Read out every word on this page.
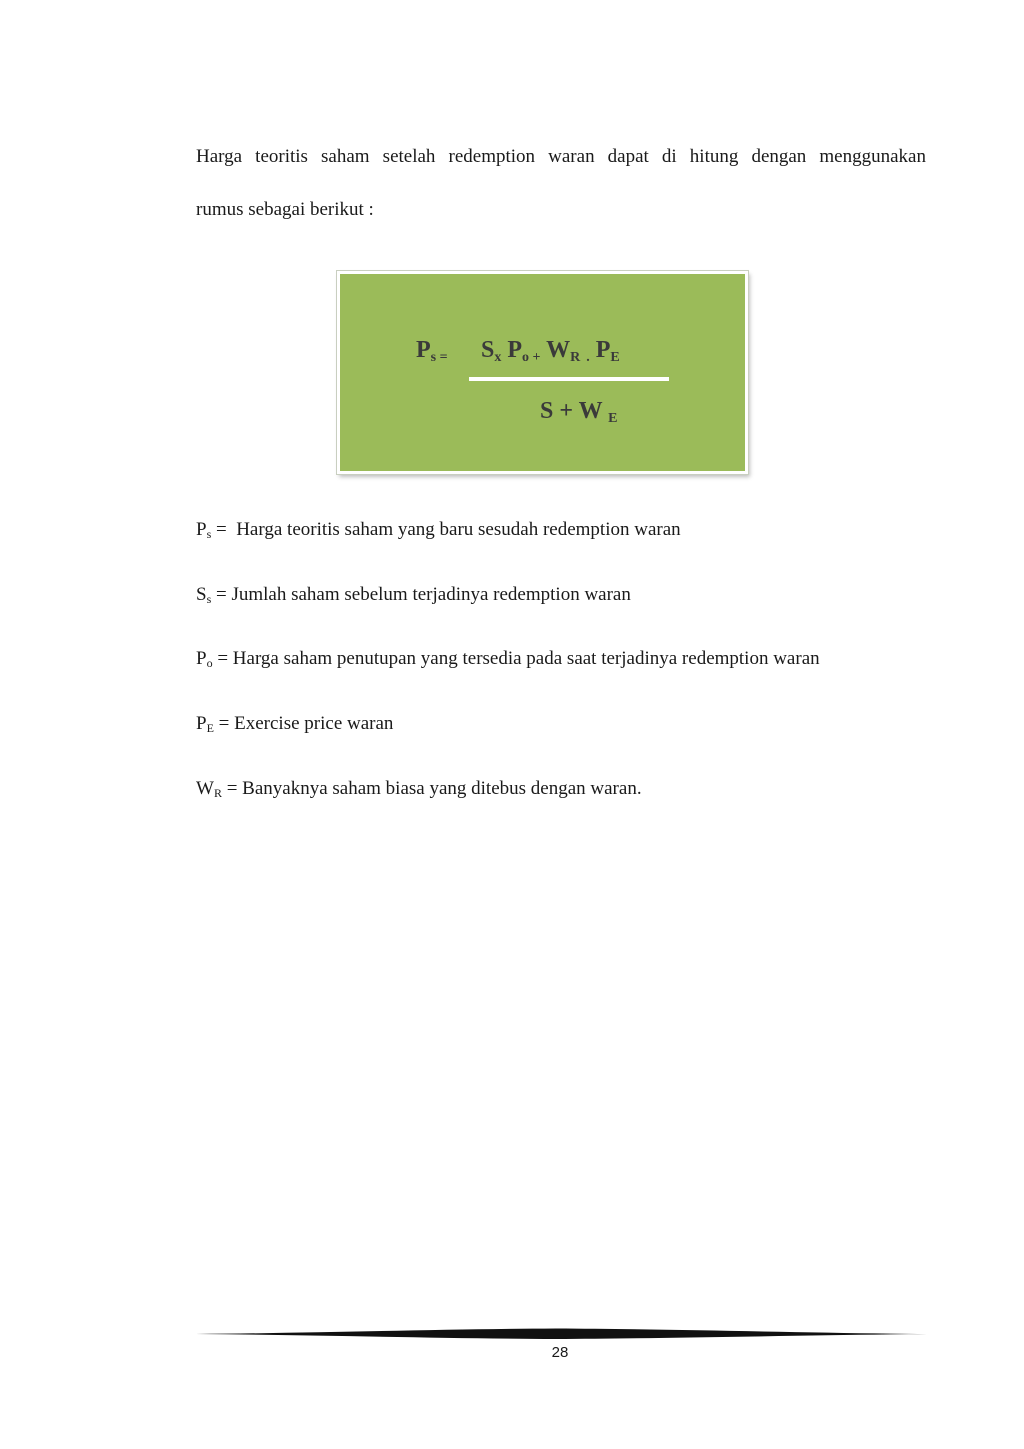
Harga teoritis saham setelah redemption waran dapat di hitung dengan menggunakan
rumus sebagai berikut :
$P_{s =}$ $S_x$ $P_{o +}$ $W_R$ $_.$ $P_E$
S + W $_E$
$P_s$ =  Harga teoritis saham yang baru sesudah redemption waran
$S_s$ = Jumlah saham sebelum terjadinya redemption waran
$P_o$ = Harga saham penutupan yang tersedia pada saat terjadinya redemption waran
$P_E$ = Exercise price waran
$W_R$ = Banyaknya saham biasa yang ditebus dengan waran.
28
